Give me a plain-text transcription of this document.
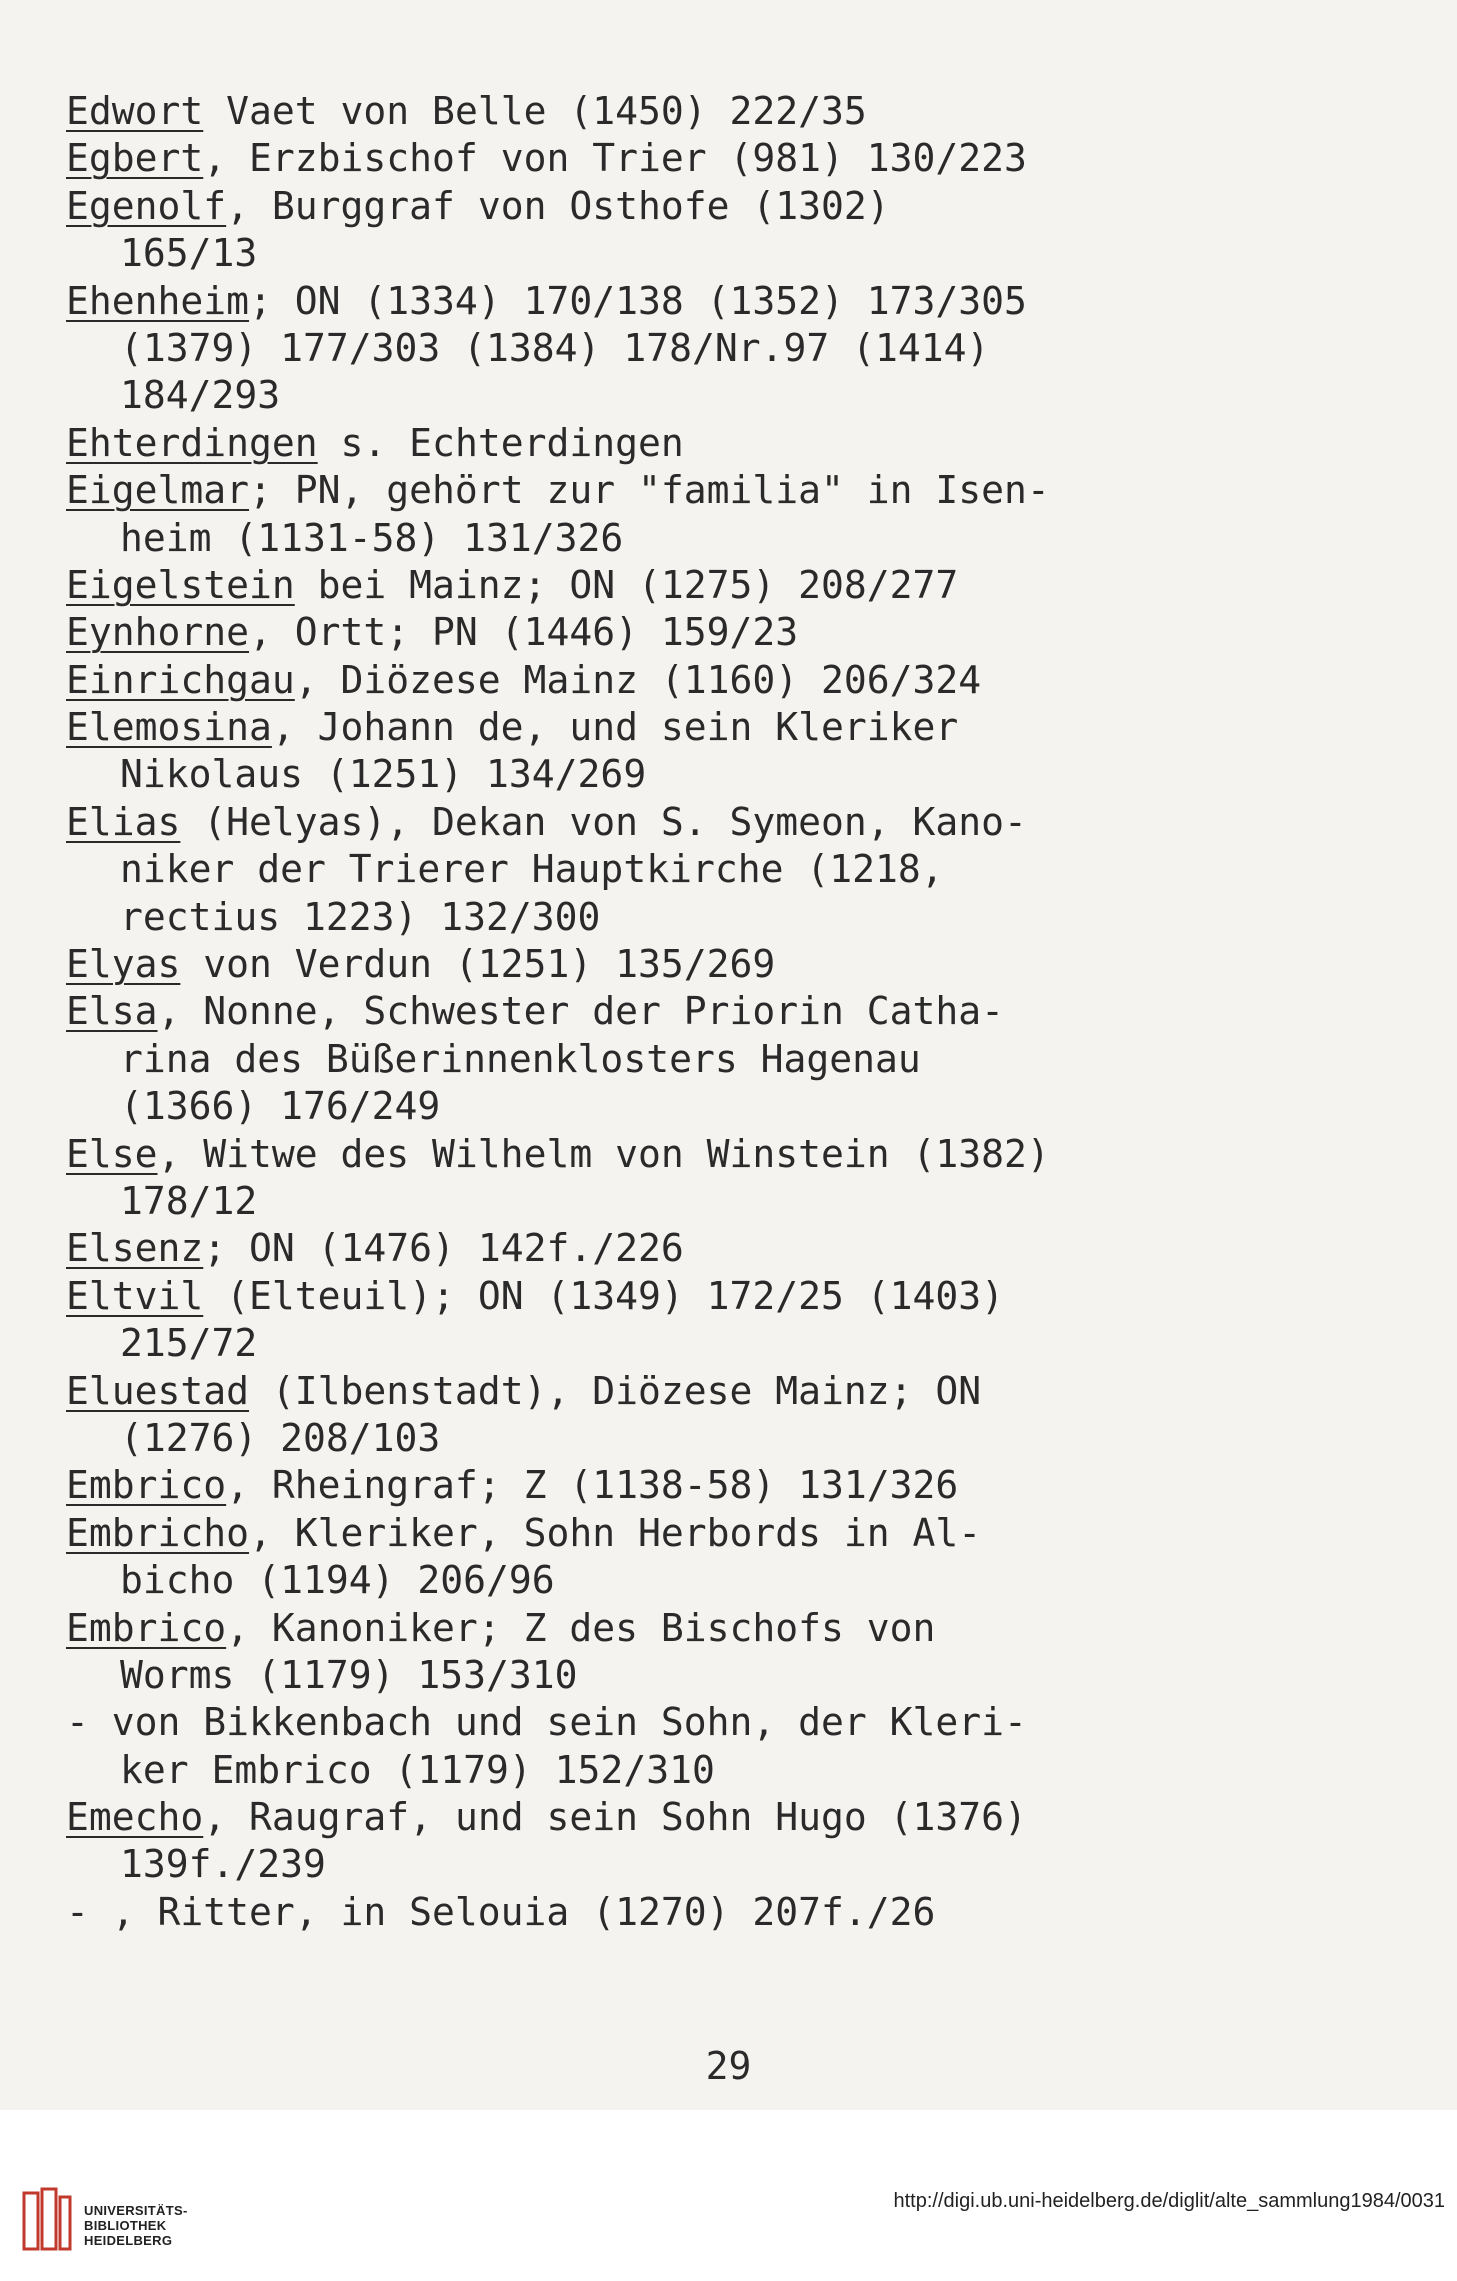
Edwort Vaet von Belle (1450) 222/35
Egbert, Erzbischof von Trier (981) 130/223
Egenolf, Burggraf von Osthofe (1302)
165/13
Ehenheim; ON (1334) 170/138 (1352) 173/305
(1379) 177/303 (1384) 178/Nr.97 (1414)
184/293
Ehterdingen s. Echterdingen
Eigelmar; PN, gehört zur "familia" in Isen-
heim (1131-58) 131/326
Eigelstein bei Mainz; ON (1275) 208/277
Eynhorne, Ortt; PN (1446) 159/23
Einrichgau, Diözese Mainz (1160) 206/324
Elemosina, Johann de, und sein Kleriker
Nikolaus (1251) 134/269
Elias (Helyas), Dekan von S. Symeon, Kano-
niker der Trierer Hauptkirche (1218,
rectius 1223) 132/300
Elyas von Verdun (1251) 135/269
Elsa, Nonne, Schwester der Priorin Catha-
rina des Büßerinnenklosters Hagenau
(1366) 176/249
Else, Witwe des Wilhelm von Winstein (1382)
178/12
Elsenz; ON (1476) 142f./226
Eltvil (Elteuil); ON (1349) 172/25 (1403)
215/72
Eluestad (Ilbenstadt), Diözese Mainz; ON
(1276) 208/103
Embrico, Rheingraf; Z (1138-58) 131/326
Embricho, Kleriker, Sohn Herbords in Al-
bicho (1194) 206/96
Embrico, Kanoniker; Z des Bischofs von
Worms (1179) 153/310
- von Bikkenbach und sein Sohn, der Kleri-
ker Embrico (1179) 152/310
Emecho, Raugraf, und sein Sohn Hugo (1376)
139f./239
- , Ritter, in Selouia (1270) 207f./26
29
UNIVERSITÄTS-
BIBLIOTHEK
HEIDELBERG
http://digi.ub.uni-heidelberg.de/diglit/alte_sammlung1984/0031
